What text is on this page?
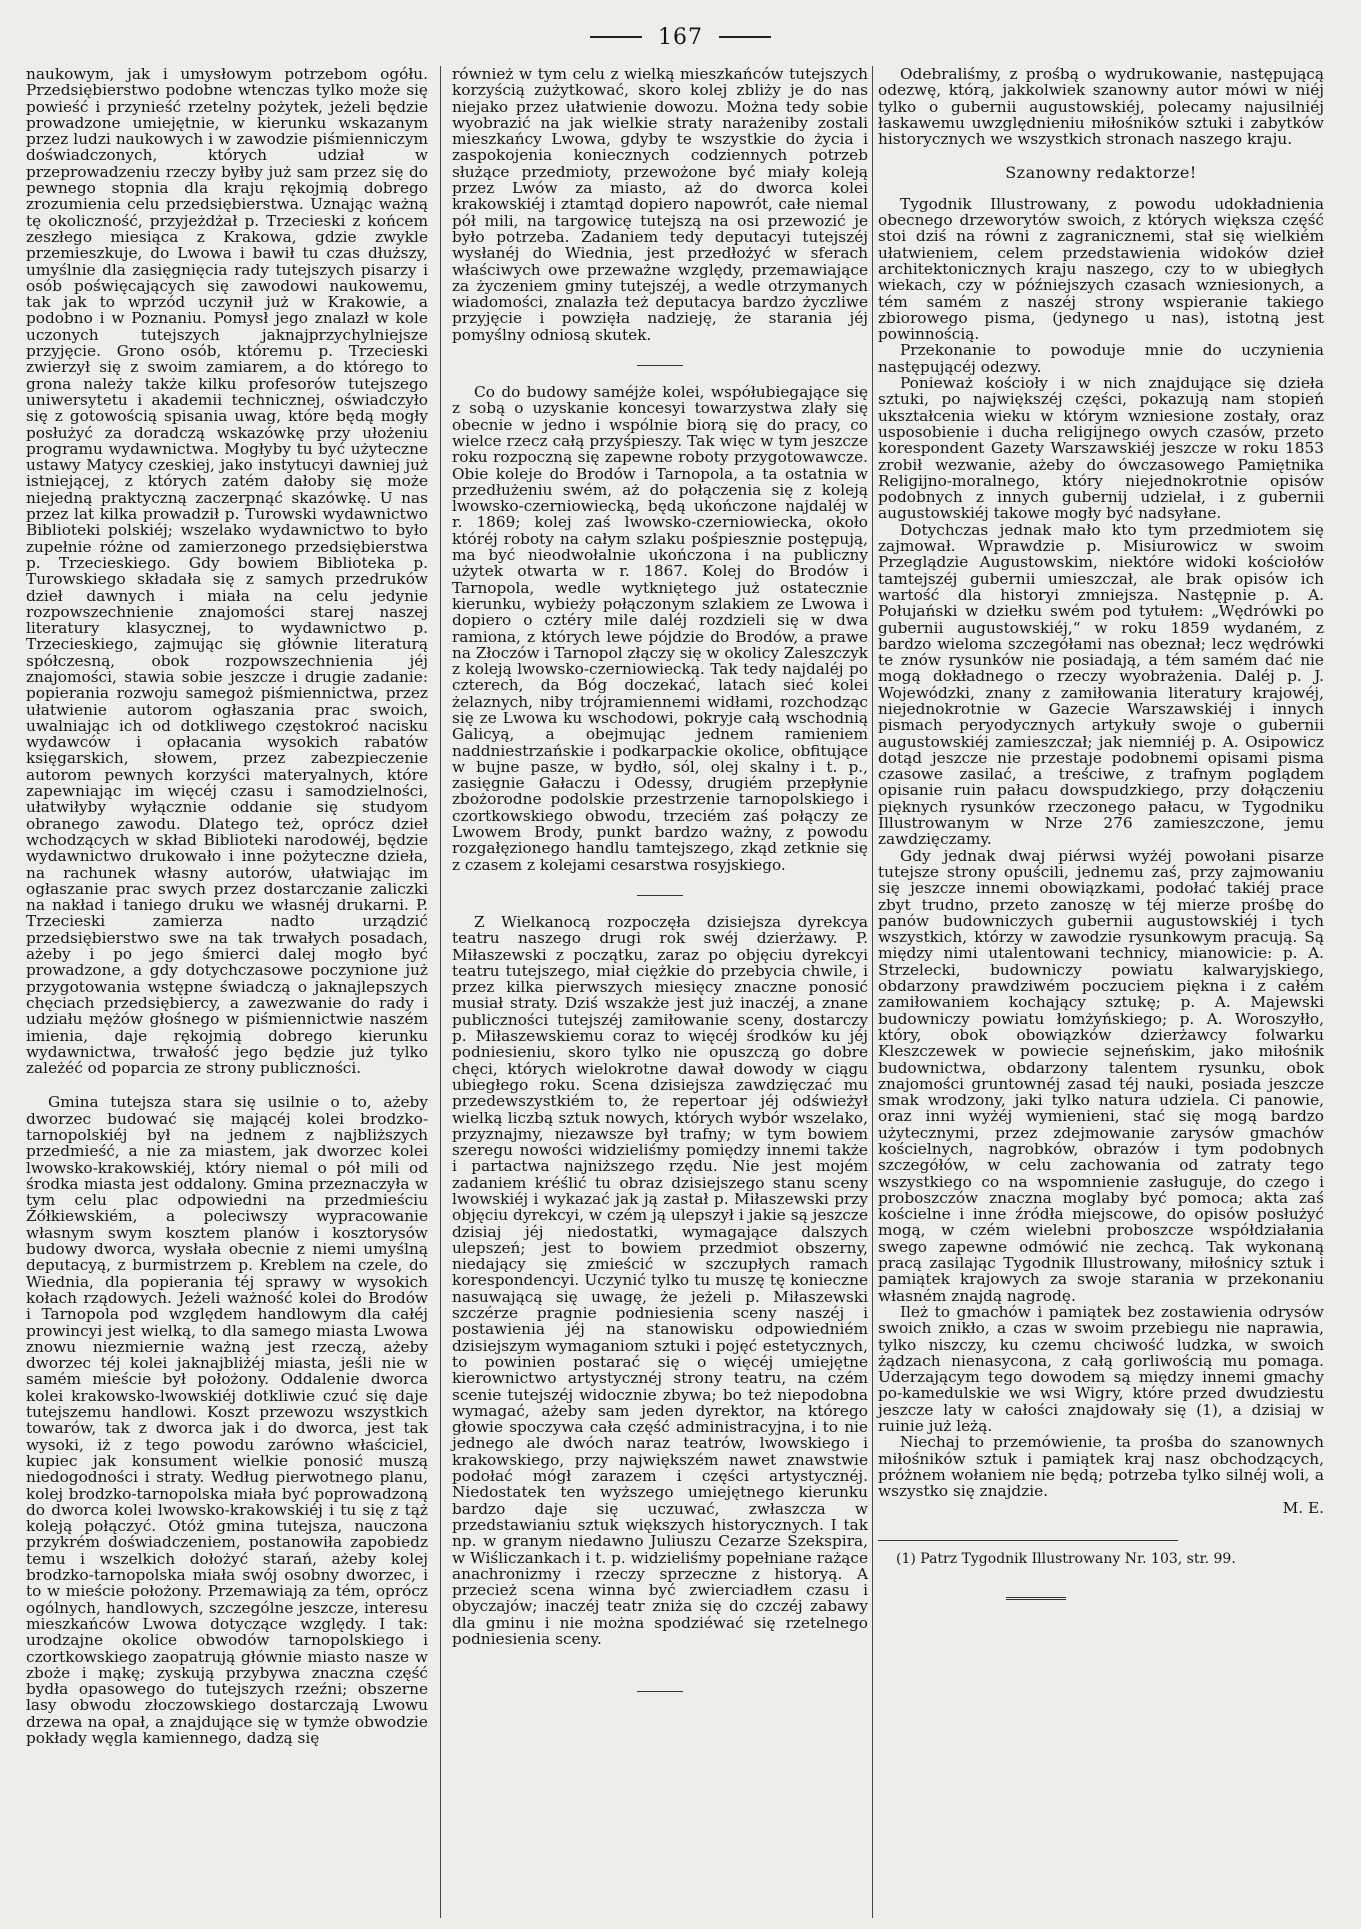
167

naukowym, jak i umysłowym potrzebom ogółu. Przedsiębierstwo podobne wtenczas tylko może się powieść i przynieść rzetelny pożytek, jeżeli będzie prowadzone umiejętnie, w kierunku wskazanym przez ludzi naukowych i w zawodzie piśmienniczym doświadczonych, których udział w przeprowadzeniu rzeczy byłby już sam przez się do pewnego stopnia dla kraju rękojmią dobrego zrozumienia celu przedsiębierstwa. Uznając ważną tę okoliczność, przyjeżdżał p. Trzecieski z końcem zeszłego miesiąca z Krakowa, gdzie zwykle przemieszkuje, do Lwowa i bawił tu czas dłuższy, umyślnie dla zasięgnięcia rady tutejszych pisarzy i osób poświęcających się zawodowi naukowemu, tak jak to wprzód uczynił już w Krakowie, a podobno i w Poznaniu. Pomysł jego znalazł w kole uczonych tutejszych jaknajprzychylniejsze przyjęcie. Grono osób, któremu p. Trzecieski zwierzył się z swoim zamiarem, a do którego to grona należy także kilku profesorów tutejszego uniwersytetu i akademii technicznej, oświadczyło się z gotowością spisania uwag, które będą mogły posłużyć za doradczą wskazówkę przy ułożeniu programu wydawnictwa. Mogłyby tu być użyteczne ustawy Matycy czeskiej, jako instytucyi dawniej już istniejącej, z których zatém dałoby się może niejedną praktyczną zaczerpnąć skazówkę. U nas przez lat kilka prowadził p. Turowski wydawnictwo Biblioteki polskiéj; wszelako wydawnictwo to było zupełnie różne od zamierzonego przedsiębierstwa p. Trzecieskiego. Gdy bowiem Biblioteka p. Turowskiego składała się z samych przedruków dzieł dawnych i miała na celu jedynie rozpowszechnienie znajomości starej naszej literatury klasycznej, to wydawnictwo p. Trzecieskiego, zajmując się głównie literaturą spółczesną, obok rozpowszechnienia jéj znajomości, stawia sobie jeszcze i drugie zadanie: popierania rozwoju samegoż piśmiennictwa, przez ułatwienie autorom ogłaszania prac swoich, uwalniając ich od dotkliwego częstokroć nacisku wydawców i opłacania wysokich rabatów księgarskich, słowem, przez zabezpieczenie autorom pewnych korzyści materyalnych, które zapewniając im więcéj czasu i samodzielności, ułatwiłyby wyłącznie oddanie się studyom obranego zawodu. Dlatego też, oprócz dzieł wchodzących w skład Biblioteki narodowéj, będzie wydawnictwo drukowało i inne pożyteczne dzieła, na rachunek własny autorów, ułatwiając im ogłaszanie prac swych przez dostarczanie zaliczki na nakład i taniego druku we własnéj drukarni. P. Trzecieski zamierza nadto urządzić przedsiębierstwo swe na tak trwałych posadach, ażeby i po jego śmierci dalej mogło być prowadzone, a gdy dotychczasowe poczynione już przygotowania wstępne świadczą o jaknajlepszych chęciach przedsiębiercy, a zawezwanie do rady i udziału mężów głośnego w piśmiennictwie naszém imienia, daje rękojmią dobrego kierunku wydawnictwa, trwałość jego będzie już tylko zależéć od poparcia ze strony publiczności.

Gmina tutejsza stara się usilnie o to, ażeby dworzec budować się mającéj kolei brodzko-tarnopolskiéj był na jednem z najbliższych przedmieść, a nie za miastem, jak dworzec kolei lwowsko-krakowskiéj, który niemal o pół mili od środka miasta jest oddalony. Gmina przeznaczyła w tym celu plac odpowiedni na przedmieściu Żółkiewskiém, a poleciwszy wypracowanie własnym swym kosztem planów i kosztorysów budowy dworca, wysłała obecnie z niemi umyślną deputacyą, z burmistrzem p. Kreblem na czele, do Wiednia, dla popierania téj sprawy w wysokich kołach rządowych. Jeżeli ważność kolei do Brodów i Tarnopola pod względem handlowym dla całéj prowincyi jest wielką, to dla samego miasta Lwowa znowu niezmiernie ważną jest rzeczą, ażeby dworzec téj kolei jaknajbliżéj miasta, jeśli nie w samém mieście był położony. Oddalenie dworca kolei krakowsko-lwowskiéj dotkliwie czuć się daje tutejszemu handlowi. Koszt przewozu wszystkich towarów, tak z dworca jak i do dworca, jest tak wysoki, iż z tego powodu zarówno właściciel, kupiec jak konsument wielkie ponosić muszą niedogodności i straty. Według pierwotnego planu, kolej brodzko-tarnopolska miała być poprowadzoną do dworca kolei lwowsko-krakowskiéj i tu się z tąż koleją połączyć. Otóż gmina tutejsza, nauczona przykrém doświadczeniem, postanowiła zapobiedz temu i wszelkich dołożyć starań, ażeby kolej brodzko-tarnopolska miała swój osobny dworzec, i to w mieście położony. Przemawiają za tém, oprócz ogólnych, handlowych, szczególne jeszcze, interesu mieszkańców Lwowa dotyczące względy. I tak: urodzajne okolice obwodów tarnopolskiego i czortkowskiego zaopatrują głównie miasto nasze w zboże i mąkę; zyskują przybywa znaczna część bydła opasowego do tutejszych rzeźni; obszerne lasy obwodu złoczowskiego dostarczają Lwowu drzewa na opał, a znajdujące się w tymże obwodzie pokłady węgla kamiennego, dadzą się

również w tym celu z wielką mieszkańców tutejszych korzyścią zużytkować, skoro kolej zbliży je do nas niejako przez ułatwienie dowozu. Można tedy sobie wyobrazić na jak wielkie straty narażeniby zostali mieszkańcy Lwowa, gdyby te wszystkie do życia i zaspokojenia koniecznych codziennych potrzeb służące przedmioty, przewożone być miały koleją przez Lwów za miasto, aż do dworca kolei krakowskiéj i ztamtąd dopiero napowrót, całe niemal pół mili, na targowicę tutejszą na osi przewozić je było potrzeba. Zadaniem tedy deputacyi tutejszéj wysłanéj do Wiednia, jest przedłożyć w sferach właściwych owe przeważne względy, przemawiające za życzeniem gminy tutejszéj, a wedle otrzymanych wiadomości, znalazła też deputacya bardzo życzliwe przyjęcie i powzięła nadzieję, że starania jéj pomyślny odniosą skutek.

Co do budowy saméjże kolei, współubiegające się z sobą o uzyskanie koncesyi towarzystwa zlały się obecnie w jedno i wspólnie biorą się do pracy, co wielce rzecz całą przyśpieszy. Tak więc w tym jeszcze roku rozpoczną się zapewne roboty przygotowawcze. Obie koleje do Brodów i Tarnopola, a ta ostatnia w przedłużeniu swém, aż do połączenia się z koleją lwowsko-czerniowiecką, będą ukończone najdaléj w r. 1869; kolej zaś lwowsko-czerniowiecka, około któréj roboty na całym szlaku pośpiesznie postępują, ma być nieodwołalnie ukończona i na publiczny użytek otwarta w r. 1867. Kolej do Brodów i Tarnopola, wedle wytkniętego już ostatecznie kierunku, wybieży połączonym szlakiem ze Lwowa i dopiero o cztéry mile daléj rozdzieli się w dwa ramiona, z których lewe pójdzie do Brodów, a prawe na Złoczów i Tarnopol złączy się w okolicy Zaleszczyk z koleją lwowsko-czerniowiecką. Tak tedy najdaléj po czterech, da Bóg doczekać, latach sieć kolei żelaznych, niby trójramiennemi widłami, rozchodząc się ze Lwowa ku wschodowi, pokryje całą wschodnią Galicyą, a obejmując jednem ramieniem naddniestrzańskie i podkarpackie okolice, obfitujące w bujne pasze, w bydło, sól, olej skalny i t. p., zasięgnie Gałaczu i Odessy, drugiém przepłynie zbożorodne podolskie przestrzenie tarnopolskiego i czortkowskiego obwodu, trzeciém zaś połączy ze Lwowem Brody, punkt bardzo ważny, z powodu rozgałęzionego handlu tamtejszego, zkąd zetknie się z czasem z kolejami cesarstwa rosyjskiego.

Z Wielkanocą rozpoczęła dzisiejsza dyrekcya teatru naszego drugi rok swéj dzierżawy. P. Miłaszewski z początku, zaraz po objęciu dyrekcyi teatru tutejszego, miał ciężkie do przebycia chwile, i przez kilka pierwszych miesięcy znaczne ponosić musiał straty. Dziś wszakże jest już inaczéj, a znane publiczności tutejszéj zamiłowanie sceny, dostarczy p. Miłaszewskiemu coraz to więcéj środków ku jéj podniesieniu, skoro tylko nie opuszczą go dobre chęci, których wielokrotne dawał dowody w ciągu ubiegłego roku. Scena dzisiejsza zawdzięczać mu przedewszystkiém to, że repertoar jéj odświeżył wielką liczbą sztuk nowych, których wybór wszelako, przyznajmy, niezawsze był trafny; w tym bowiem szeregu nowości widzieliśmy pomiędzy innemi także i partactwa najniższego rzędu. Nie jest mojém zadaniem kréślić tu obraz dzisiejszego stanu sceny lwowskiéj i wykazać jak ją zastał p. Miłaszewski przy objęciu dyrekcyi, w czém ją ulepszył i jakie są jeszcze dzisiaj jéj niedostatki, wymagające dalszych ulepszeń; jest to bowiem przedmiot obszerny, niedający się zmieścić w szczupłych ramach korespondencyi. Uczynić tylko tu muszę tę konieczne nasuwającą się uwagę, że jeżeli p. Miłaszewski szczérze pragnie podniesienia sceny naszéj i postawienia jéj na stanowisku odpowiedniém dzisiejszym wymaganiom sztuki i pojęć estetycznych, to powinien postarać się o więcéj umiejętne kierownictwo artystycznéj strony teatru, na czém scenie tutejszéj widocznie zbywa; bo też niepodobna wymagać, ażeby sam jeden dyrektor, na którego głowie spoczywa cała część administracyjna, i to nie jednego ale dwóch naraz teatrów, lwowskiego i krakowskiego, przy największém nawet znawstwie podołać mógł zarazem i części artystycznéj. Niedostatek ten wyższego umiejętnego kierunku bardzo daje się uczuwać, zwłaszcza w przedstawianiu sztuk większych historycznych. I tak np. w granym niedawno Juliuszu Cezarze Szekspira, w Wiśliczankach i t. p. widzieliśmy popełniane rażące anachronizmy i rzeczy sprzeczne z historyą. A przecież scena winna być zwierciadłem czasu i obyczajów; inaczéj teatr zniża się do czczéj zabawy dla gminu i nie można spodziéwać się rzetelnego podniesienia sceny.

Odebraliśmy, z prośbą o wydrukowanie, następującą odezwę, którą, jakkolwiek szanowny autor mówi w niéj tylko o gubernii augustowskiéj, polecamy najusilniéj łaskawemu uwzględnieniu miłośników sztuki i zabytków historycznych we wszystkich stronach naszego kraju.

Szanowny redaktorze!

Tygodnik Illustrowany, z powodu udokładnienia obecnego drzeworytów swoich, z których większa część stoi dziś na równi z zagranicznemi, stał się wielkiém ułatwieniem, celem przedstawienia widoków dzieł architektonicznych kraju naszego, czy to w ubiegłych wiekach, czy w późniejszych czasach wzniesionych, a tém samém z naszéj strony wspieranie takiego zbiorowego pisma, (jedynego u nas), istotną jest powinnością.

Przekonanie to powoduje mnie do uczynienia następującéj odezwy.

Ponieważ kościoły i w nich znajdujące się dzieła sztuki, po największéj części, pokazują nam stopień ukształcenia wieku w którym wzniesione zostały, oraz usposobienie i ducha religijnego owych czasów, przeto korespondent Gazety Warszawskiéj jeszcze w roku 1853 zrobił wezwanie, ażeby do ówczasowego Pamiętnika Religijno-moralnego, który niejednokrotnie opisów podobnych z innych gubernij udzielał, i z gubernii augustowskiéj takowe mogły być nadsyłane.

Dotychczas jednak mało kto tym przedmiotem się zajmował. Wprawdzie p. Misiurowicz w swoim Przeglądzie Augustowskim, niektóre widoki kościołów tamtejszéj gubernii umieszczał, ale brak opisów ich wartość dla historyi zmniejsza. Następnie p. A. Połujański w dziełku swém pod tytułem: „Wędrówki po gubernii augustowskiéj,“ w roku 1859 wydaném, z bardzo wieloma szczegółami nas obeznał; lecz wędrówki te znów rysunków nie posiadają, a tém samém dać nie mogą dokładnego o rzeczy wyobrażenia. Daléj p. J. Wojewódzki, znany z zamiłowania literatury krajowéj, niejednokrotnie w Gazecie Warszawskiéj i innych pismach peryodycznych artykuły swoje o gubernii augustowskiéj zamieszczał; jak niemniéj p. A. Osipowicz dotąd jeszcze nie przestaje podobnemi opisami pisma czasowe zasilać, a treściwe, z trafnym poglądem opisanie ruin pałacu dowspudzkiego, przy dołączeniu pięknych rysunków rzeczonego pałacu, w Tygodniku Illustrowanym w Nrze 276 zamieszczone, jemu zawdzięczamy.

Gdy jednak dwaj piérwsi wyżéj powołani pisarze tutejsze strony opuścili, jednemu zaś, przy zajmowaniu się jeszcze innemi obowiązkami, podołać takiéj prace zbyt trudno, przeto zanoszę w téj mierze prośbę do panów budowniczych gubernii augustowskiéj i tych wszystkich, którzy w zawodzie rysunkowym pracują. Są między nimi utalentowani technicy, mianowicie: p. A. Strzelecki, budowniczy powiatu kalwaryjskiego, obdarzony prawdziwém poczuciem piękna i z całém zamiłowaniem kochający sztukę; p. A. Majewski budowniczy powiatu łomżyńskiego; p. A. Woroszyłło, który, obok obowiązków dzierżawcy folwarku Kleszczewek w powiecie sejneńskim, jako miłośnik budownictwa, obdarzony talentem rysunku, obok znajomości gruntownéj zasad téj nauki, posiada jeszcze smak wrodzony, jaki tylko natura udziela. Ci panowie, oraz inni wyżéj wymienieni, stać się mogą bardzo użytecznymi, przez zdejmowanie zarysów gmachów kościelnych, nagrobków, obrazów i tym podobnych szczegółów, w celu zachowania od zatraty tego wszystkiego co na wspomnienie zasługuje, do czego i proboszczów znaczna moglaby być pomoca; akta zaś kościelne i inne źródła miejscowe, do opisów posłużyć mogą, w czém wielebni proboszcze współdziałania swego zapewne odmówić nie zechcą. Tak wykonaną pracą zasilając Tygodnik Illustrowany, miłośnicy sztuk i pamiątek krajowych za swoje starania w przekonaniu własném znajdą nagrodę.

Ileż to gmachów i pamiątek bez zostawienia odrysów swoich znikło, a czas w swoim przebiegu nie naprawia, tylko niszczy, ku czemu chciwość ludzka, w swoich żądzach nienasycona, z całą gorliwością mu pomaga. Uderzającym tego dowodem są między innemi gmachy po-kamedulskie we wsi Wigry, które przed dwudziestu jeszcze laty w całości znajdowały się (1), a dzisiaj w ruinie już leżą.

Niechaj to przemówienie, ta prośba do szanownych miłośników sztuk i pamiątek kraj nasz obchodzących, próżnem wołaniem nie będą; potrzeba tylko silnéj woli, a wszystko się znajdzie.

M. E.

(1) Patrz Tygodnik Illustrowany Nr. 103, str. 99.
